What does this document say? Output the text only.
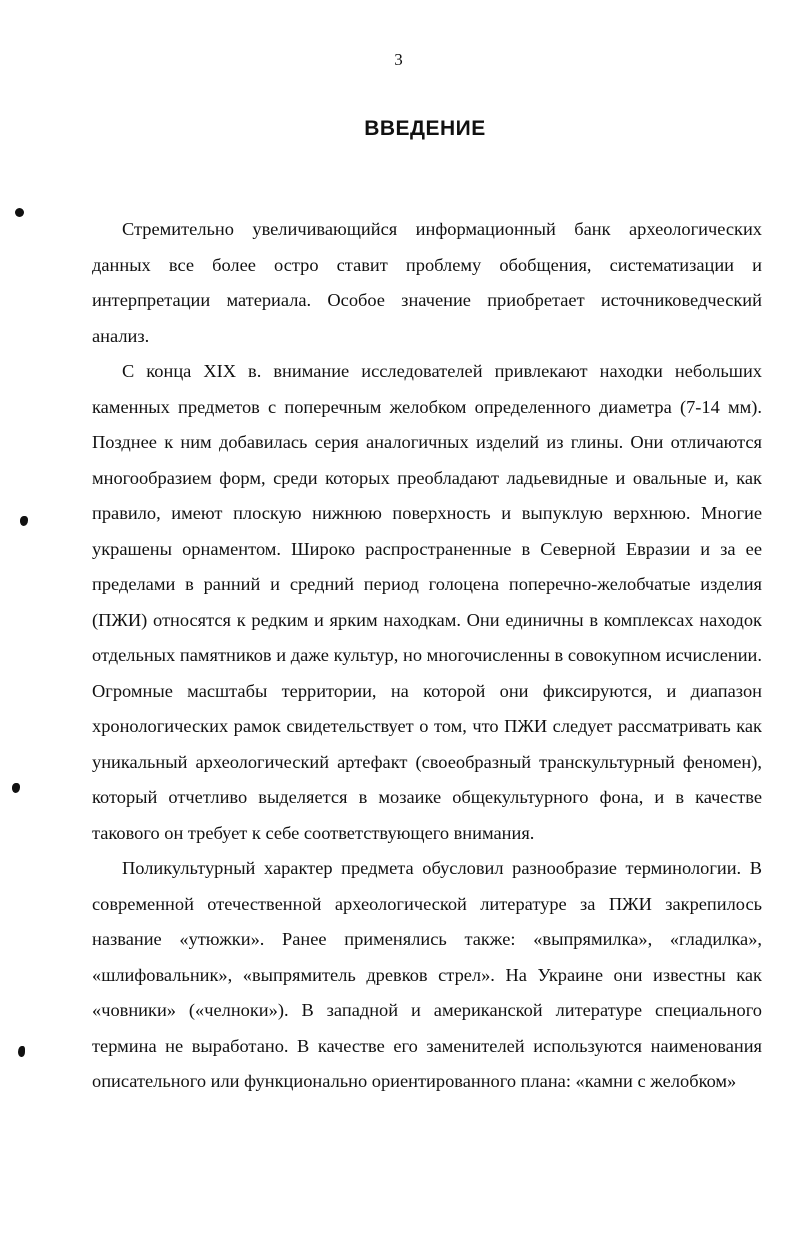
3
ВВЕДЕНИЕ

Стремительно увеличивающийся информационный банк археологических данных все более остро ставит проблему обобщения, систематизации и интерпретации материала. Особое значение приобретает источниковедческий анализ.

С конца XIX в. внимание исследователей привлекают находки небольших каменных предметов с поперечным желобком определенного диаметра (7-14 мм). Позднее к ним добавилась серия аналогичных изделий из глины. Они отличаются многообразием форм, среди которых преобладают ладьевидные и овальные и, как правило, имеют плоскую нижнюю поверхность и выпуклую верхнюю. Многие украшены орнаментом. Широко распространенные в Северной Евразии и за ее пределами в ранний и средний период голоцена поперечно-желобчатые изделия (ПЖИ) относятся к редким и ярким находкам. Они единичны в комплексах находок отдельных памятников и даже культур, но многочисленны в совокупном исчислении. Огромные масштабы территории, на которой они фиксируются, и диапазон хронологических рамок свидетельствует о том, что ПЖИ следует рассматривать как уникальный археологический артефакт (своеобразный транскультурный феномен), который отчетливо выделяется в мозаике общекультурного фона, и в качестве такового он требует к себе соответствующего внимания.

Поликультурный характер предмета обусловил разнообразие терминологии. В современной отечественной археологической литературе за ПЖИ закрепилось название «утюжки». Ранее применялись также: «выпрямилка», «гладилка», «шлифовальник», «выпрямитель древков стрел». На Украине они известны как «човники» («челноки»). В западной и американской литературе специального термина не выработано. В качестве его заменителей используются наименования описательного или функционально ориентированного плана: «камни с желобком»
